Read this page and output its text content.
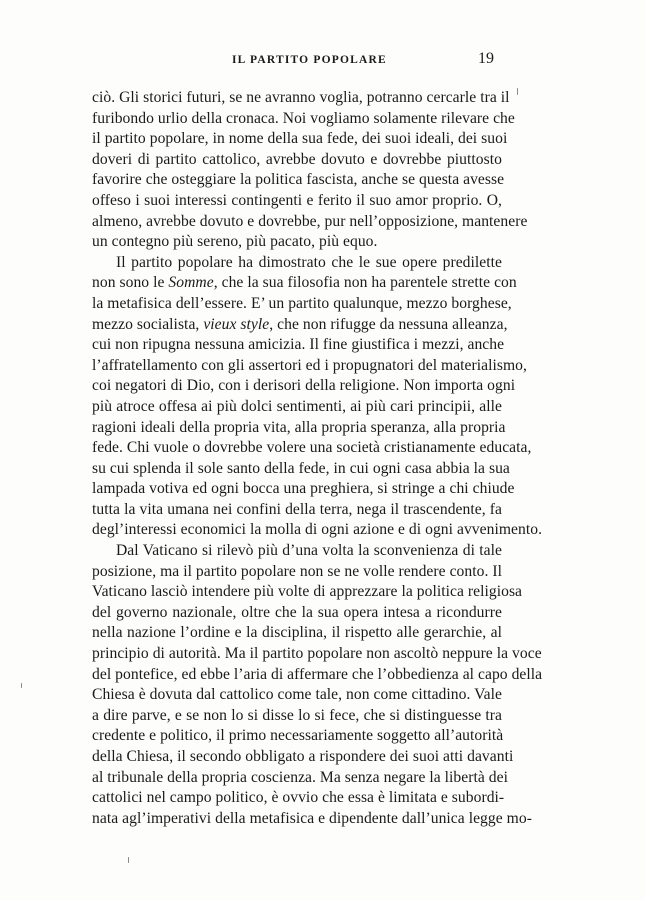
IL PARTITO POPOLARE	19

ciò. Gli storici futuri, se ne avranno voglia, potranno cercarle tra il
furibondo urlio della cronaca. Noi vogliamo solamente rilevare che
il partito popolare, in nome della sua fede, dei suoi ideali, dei suoi
doveri di partito cattolico, avrebbe dovuto e dovrebbe piuttosto
favorire che osteggiare la politica fascista, anche se questa avesse
offeso i suoi interessi contingenti e ferito il suo amor proprio. O,
almeno, avrebbe dovuto e dovrebbe, pur nell’opposizione, mantenere
un contegno più sereno, più pacato, più equo.

Il partito popolare ha dimostrato che le sue opere predilette
non sono le Somme, che la sua filosofia non ha parentele strette con
la metafisica dell’essere. E’ un partito qualunque, mezzo borghese,
mezzo socialista, vieux style, che non rifugge da nessuna alleanza,
cui non ripugna nessuna amicizia. Il fine giustifica i mezzi, anche
l’affratellamento con gli assertori ed i propugnatori del materialismo,
coi negatori di Dio, con i derisori della religione. Non importa ogni
più atroce offesa ai più dolci sentimenti, ai più cari principii, alle
ragioni ideali della propria vita, alla propria speranza, alla propria
fede. Chi vuole o dovrebbe volere una società cristianamente educata,
su cui splenda il sole santo della fede, in cui ogni casa abbia la sua
lampada votiva ed ogni bocca una preghiera, si stringe a chi chiude
tutta la vita umana nei confini della terra, nega il trascendente, fa
degl’interessi economici la molla di ogni azione e di ogni avvenimento.

Dal Vaticano si rilevò più d’una volta la sconvenienza di tale
posizione, ma il partito popolare non se ne volle rendere conto. Il
Vaticano lasciò intendere più volte di apprezzare la politica religiosa
del governo nazionale, oltre che la sua opera intesa a ricondurre
nella nazione l’ordine e la disciplina, il rispetto alle gerarchie, al
principio di autorità. Ma il partito popolare non ascoltò neppure la voce
del pontefice, ed ebbe l’aria di affermare che l’obbedienza al capo della
Chiesa è dovuta dal cattolico come tale, non come cittadino. Vale
a dire parve, e se non lo si disse lo si fece, che si distinguesse tra
credente e politico, il primo necessariamente soggetto all’autorità
della Chiesa, il secondo obbligato a rispondere dei suoi atti davanti
al tribunale della propria coscienza. Ma senza negare la libertà dei
cattolici nel campo politico, è ovvio che essa è limitata e subordi-
nata agl’imperativi della metafisica e dipendente dall’unica legge mo-
